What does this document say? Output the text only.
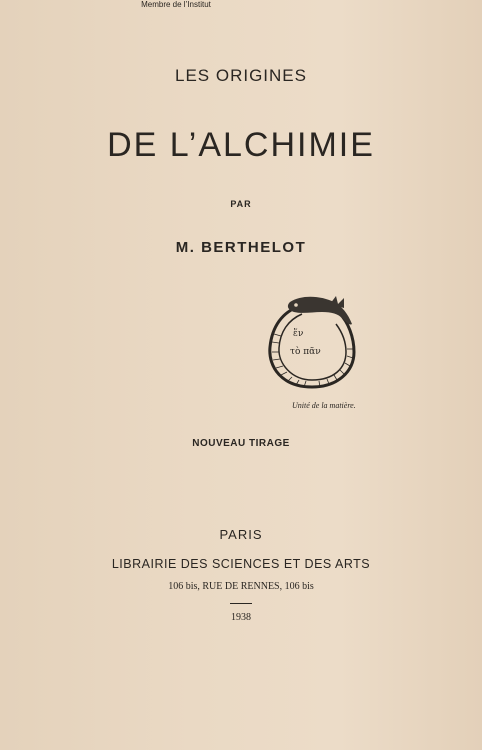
LES ORIGINES
DE L’ALCHIMIE
PAR
M. BERTHELOT
Membre de l’Institut
ἕν
τὸ πᾶν
Unité de la matière.
NOUVEAU TIRAGE
PARIS
LIBRAIRIE DES SCIENCES ET DES ARTS
106 bis, RUE DE RENNES, 106 bis
1938
